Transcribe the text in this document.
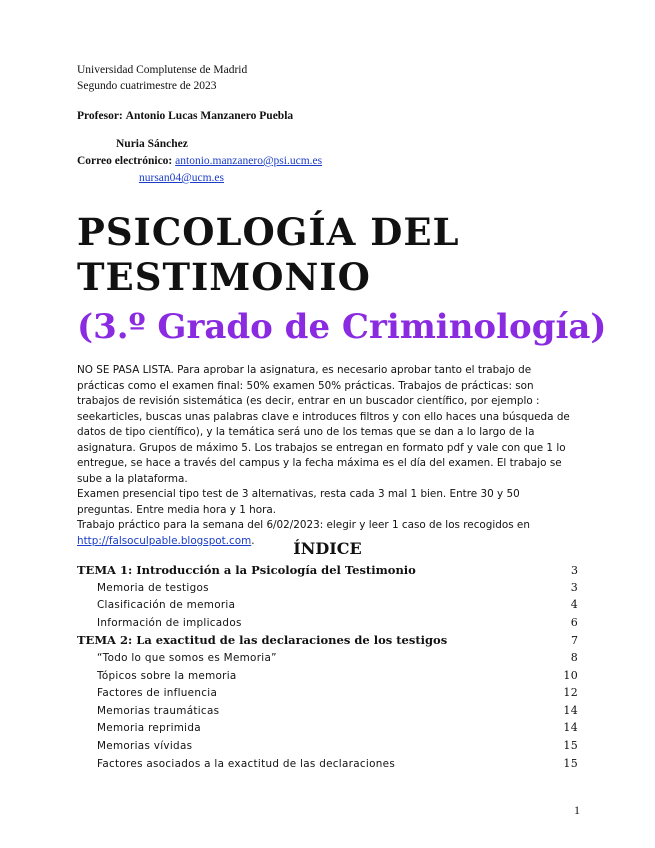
Universidad Complutense de Madrid
Segundo cuatrimestre de 2023
Profesor: Antonio Lucas Manzanero Puebla
Nuria Sánchez
Correo electrónico: antonio.manzanero@psi.ucm.es
nursan04@ucm.es
PSICOLOGÍA DEL TESTIMONIO
(3.º Grado de Criminología)

NO SE PASA LISTA. Para aprobar la asignatura, es necesario aprobar tanto el trabajo de prácticas como el examen final: 50% examen 50% prácticas. Trabajos de prácticas: son trabajos de revisión sistemática (es decir, entrar en un buscador científico, por ejemplo : seekarticles, buscas unas palabras clave e introduces filtros y con ello haces una búsqueda de datos de tipo científico), y la temática será uno de los temas que se dan a lo largo de la asignatura. Grupos de máximo 5. Los trabajos se entregan en formato pdf y vale con que 1 lo entregue, se hace a través del campus y la fecha máxima es el día del examen. El trabajo se sube a la plataforma.

Examen presencial tipo test de 3 alternativas, resta cada 3 mal 1 bien. Entre 30 y 50 preguntas. Entre media hora y 1 hora.

Trabajo práctico para la semana del 6/02/2023: elegir y leer 1 caso de los recogidos en
http://falsoculpable.blogspot.com.	ÍNDICE
TEMA 1: Introducción a la Psicología del Testimonio	3
Memoria de testigos	3
Clasificación de memoria	4
Información de implicados	6
TEMA 2: La exactitud de las declaraciones de los testigos	7
“Todo lo que somos es Memoria”	8
Tópicos sobre la memoria	10
Factores de influencia	12
Memorias traumáticas	14
Memoria reprimida	14
Memorias vívidas	15
Factores asociados a la exactitud de las declaraciones	15
1
